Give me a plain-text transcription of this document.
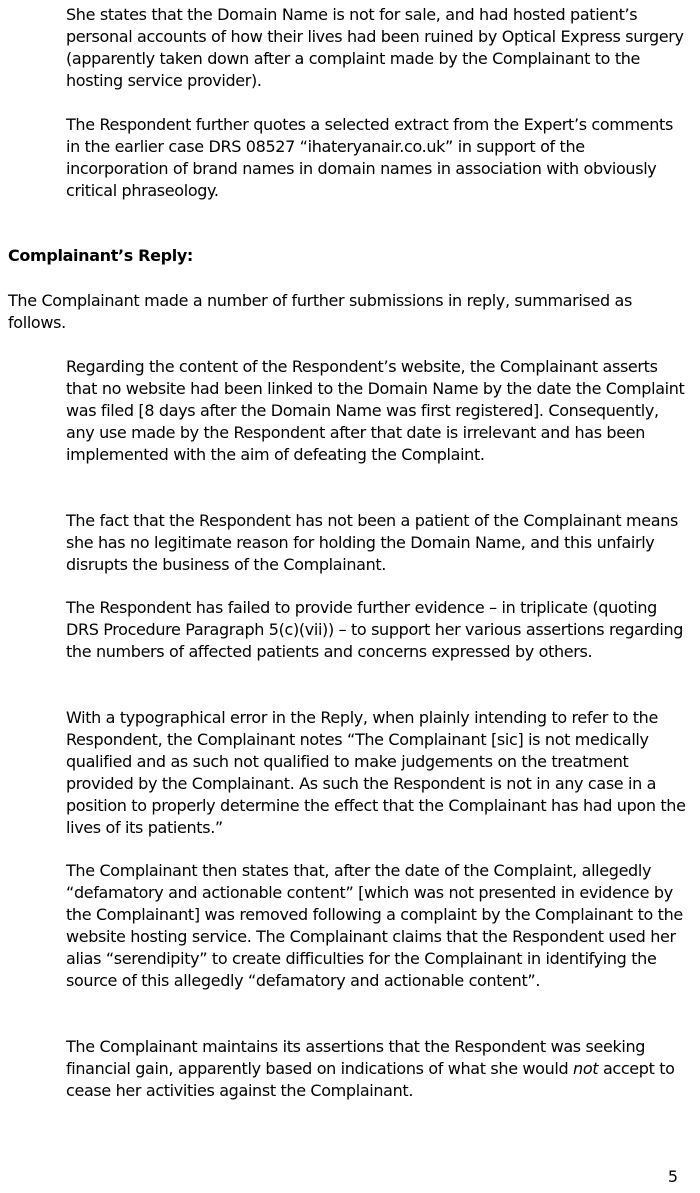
She states that the Domain Name is not for sale, and had hosted patient’s personal accounts of how their lives had been ruined by Optical Express surgery (apparently taken down after a complaint made by the Complainant to the hosting service provider).

The Respondent further quotes a selected extract from the Expert’s comments in the earlier case DRS 08527 “ihateryanair.co.uk” in support of the incorporation of brand names in domain names in association with obviously critical phraseology.

Complainant’s Reply:

The Complainant made a number of further submissions in reply, summarised as follows.

Regarding the content of the Respondent’s website, the Complainant asserts that no website had been linked to the Domain Name by the date the Complaint was filed [8 days after the Domain Name was first registered]. Consequently, any use made by the Respondent after that date is irrelevant and has been implemented with the aim of defeating the Complaint.

The fact that the Respondent has not been a patient of the Complainant means she has no legitimate reason for holding the Domain Name, and this unfairly disrupts the business of the Complainant.

The Respondent has failed to provide further evidence – in triplicate (quoting DRS Procedure Paragraph 5(c)(vii)) – to support her various assertions regarding the numbers of affected patients and concerns expressed by others.

With a typographical error in the Reply, when plainly intending to refer to the Respondent, the Complainant notes “The Complainant [sic] is not medically qualified and as such not qualified to make judgements on the treatment provided by the Complainant. As such the Respondent is not in any case in a position to properly determine the effect that the Complainant has had upon the lives of its patients.”

The Complainant then states that, after the date of the Complaint, allegedly “defamatory and actionable content” [which was not presented in evidence by the Complainant] was removed following a complaint by the Complainant to the website hosting service. The Complainant claims that the Respondent used her alias “serendipity” to create difficulties for the Complainant in identifying the source of this allegedly “defamatory and actionable content”.

The Complainant maintains its assertions that the Respondent was seeking financial gain, apparently based on indications of what she would not accept to cease her activities against the Complainant.

5
